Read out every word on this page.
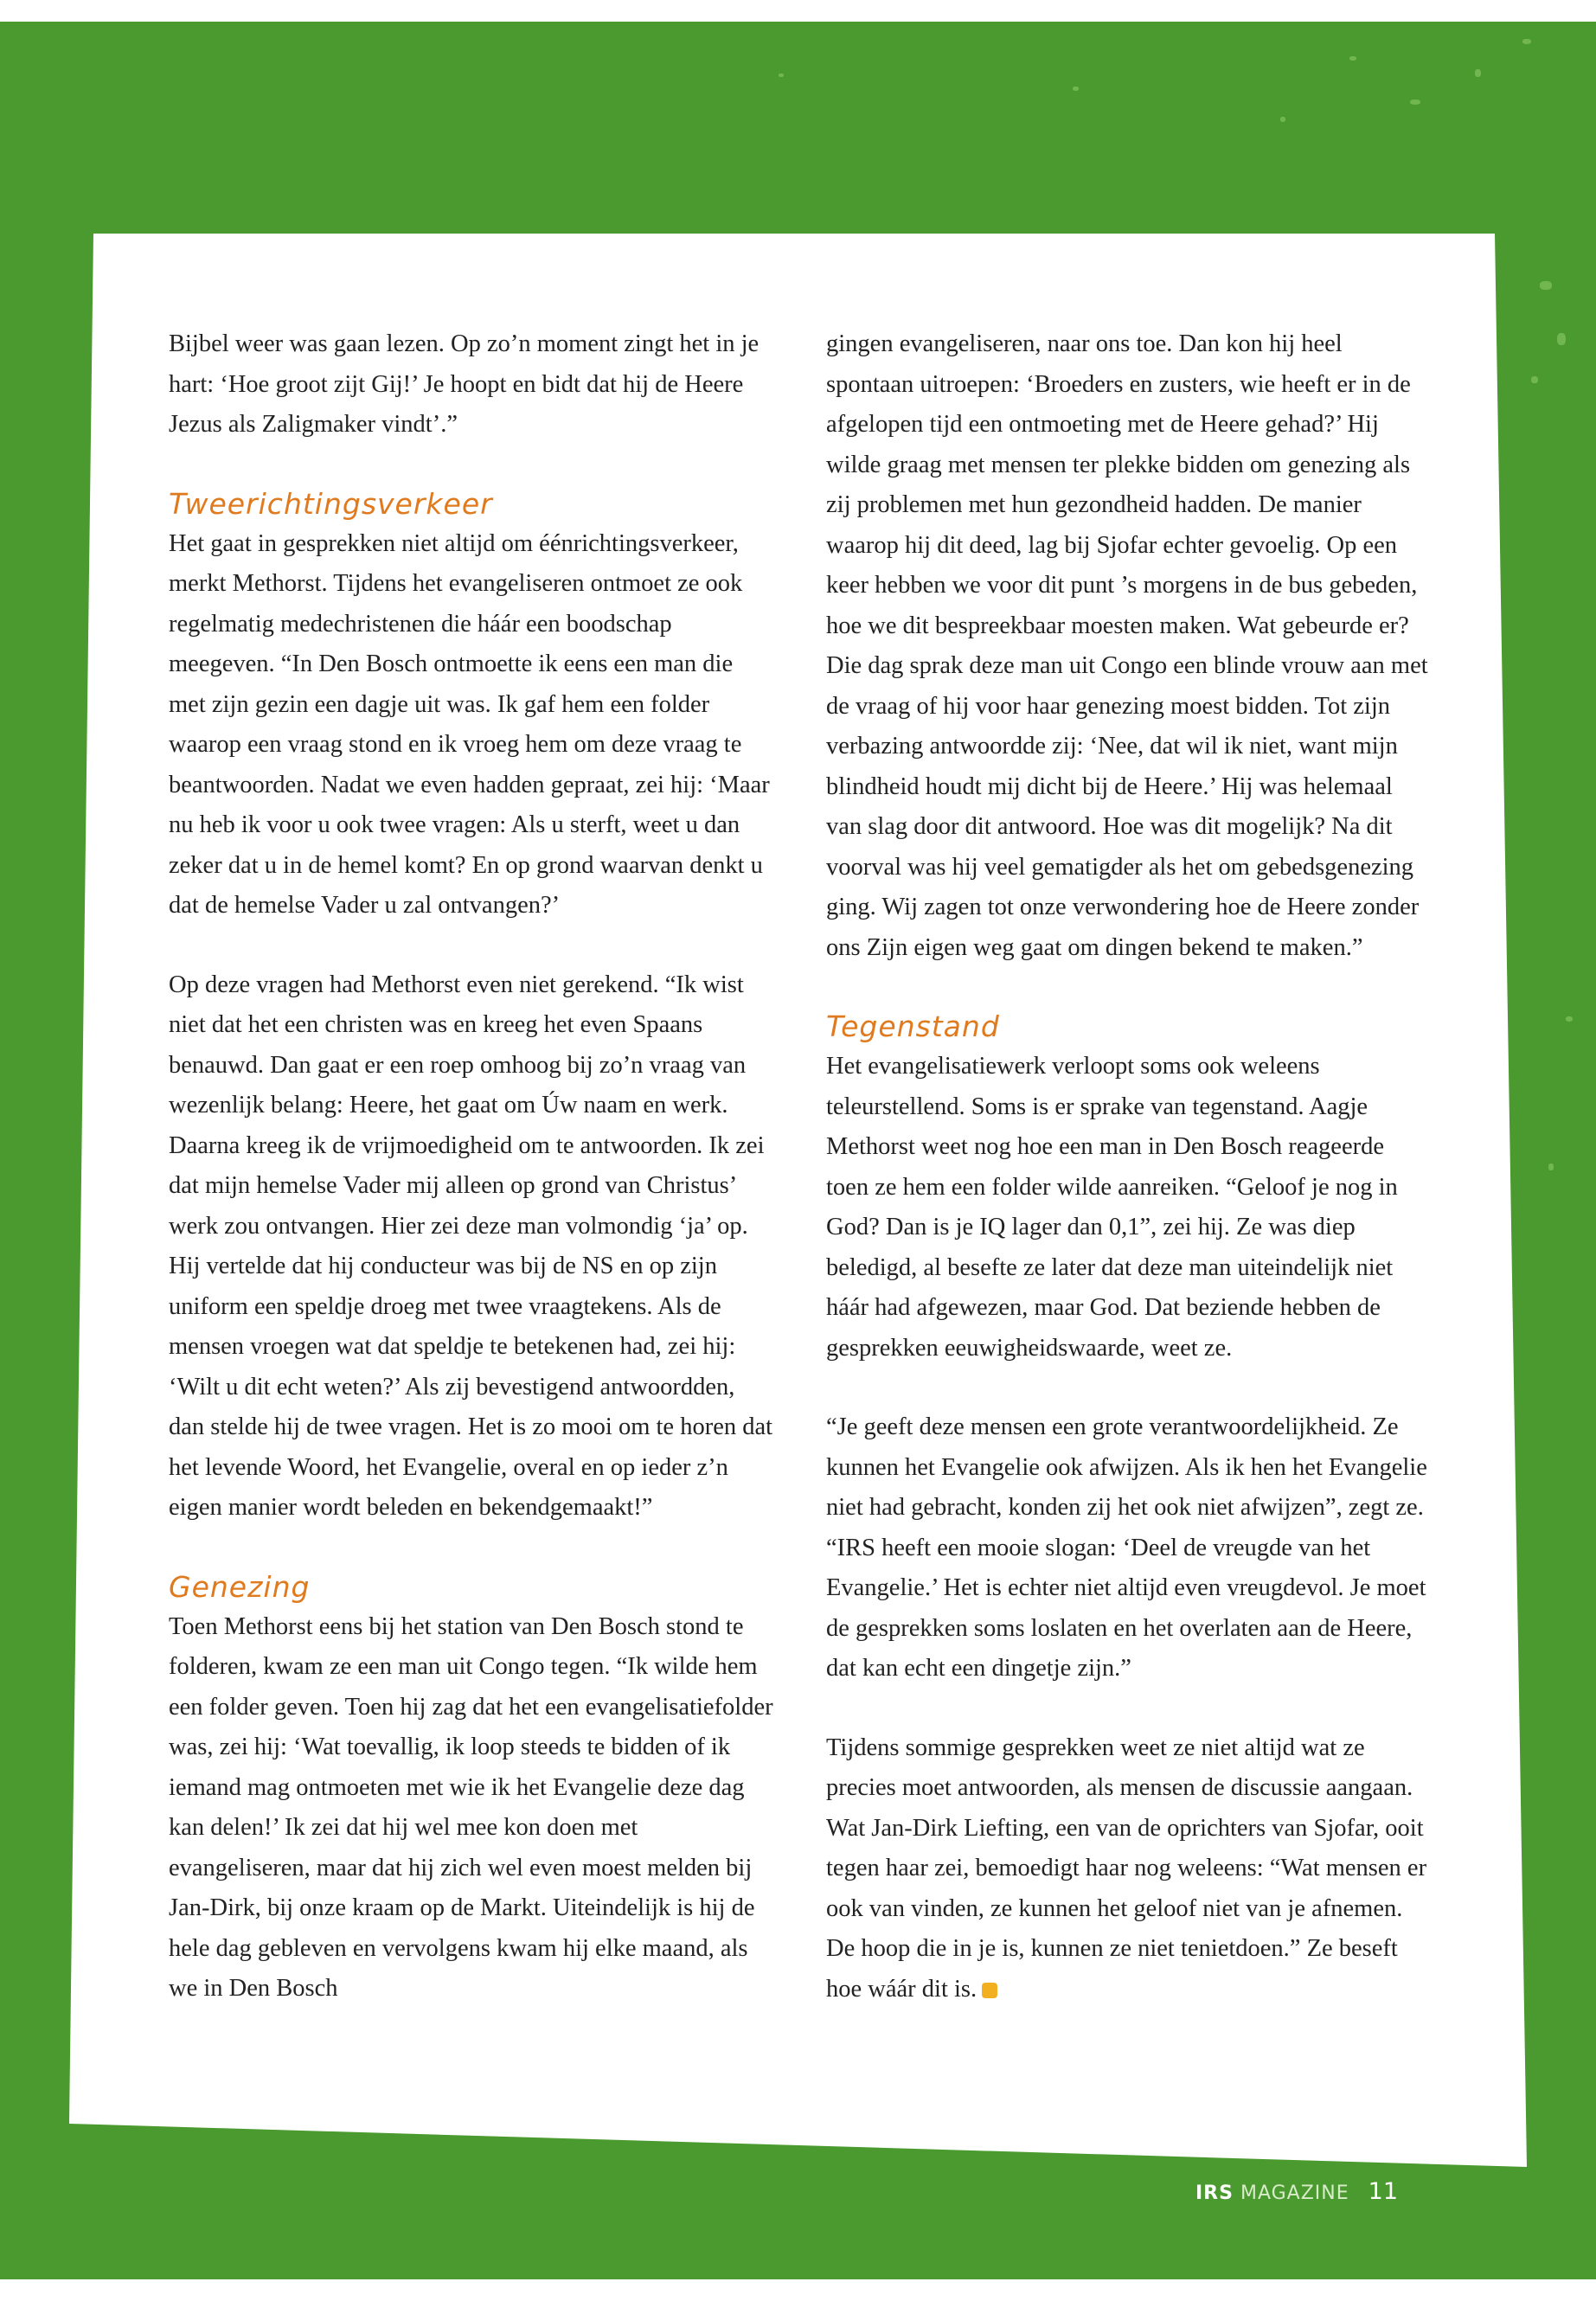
Bijbel weer was gaan lezen. Op zo’n moment zingt het in je hart: ‘Hoe groot zijt Gij!’ Je hoopt en bidt dat hij de Heere Jezus als Zaligmaker vindt’.”

Tweerichtingsverkeer

Het gaat in gesprekken niet altijd om éénrichtingsverkeer, merkt Methorst. Tijdens het evangeliseren ontmoet ze ook regelmatig medechristenen die háár een boodschap meegeven. “In Den Bosch ontmoette ik eens een man die met zijn gezin een dagje uit was. Ik gaf hem een folder waarop een vraag stond en ik vroeg hem om deze vraag te beantwoorden. Nadat we even hadden gepraat, zei hij: ‘Maar nu heb ik voor u ook twee vragen: Als u sterft, weet u dan zeker dat u in de hemel komt? En op grond waarvan denkt u dat de hemelse Vader u zal ontvangen?’

Op deze vragen had Methorst even niet gerekend. “Ik wist niet dat het een christen was en kreeg het even Spaans benauwd. Dan gaat er een roep omhoog bij zo’n vraag van wezenlijk belang: Heere, het gaat om Úw naam en werk. Daarna kreeg ik de vrijmoedigheid om te antwoorden. Ik zei dat mijn hemelse Vader mij alleen op grond van Christus’ werk zou ontvangen. Hier zei deze man volmondig ‘ja’ op. Hij vertelde dat hij conducteur was bij de NS en op zijn uniform een speldje droeg met twee vraagtekens. Als de mensen vroegen wat dat speldje te betekenen had, zei hij: ‘Wilt u dit echt weten?’ Als zij bevestigend antwoordden, dan stelde hij de twee vragen. Het is zo mooi om te horen dat het levende Woord, het Evangelie, overal en op ieder z’n eigen manier wordt beleden en bekendgemaakt!”

Genezing

Toen Methorst eens bij het station van Den Bosch stond te folderen, kwam ze een man uit Congo tegen. “Ik wilde hem een folder geven. Toen hij zag dat het een evangelisatiefolder was, zei hij: ‘Wat toevallig, ik loop steeds te bidden of ik iemand mag ontmoeten met wie ik het Evangelie deze dag kan delen!’ Ik zei dat hij wel mee kon doen met evangeliseren, maar dat hij zich wel even moest melden bij Jan-Dirk, bij onze kraam op de Markt. Uiteindelijk is hij de hele dag gebleven en vervolgens kwam hij elke maand, als we in Den Bosch

gingen evangeliseren, naar ons toe. Dan kon hij heel spontaan uitroepen: ‘Broeders en zusters, wie heeft er in de afgelopen tijd een ontmoeting met de Heere gehad?’ Hij wilde graag met mensen ter plekke bidden om genezing als zij problemen met hun gezondheid hadden. De manier waarop hij dit deed, lag bij Sjofar echter gevoelig. Op een keer hebben we voor dit punt ’s morgens in de bus gebeden, hoe we dit bespreekbaar moesten maken. Wat gebeurde er? Die dag sprak deze man uit Congo een blinde vrouw aan met de vraag of hij voor haar genezing moest bidden. Tot zijn verbazing antwoordde zij: ‘Nee, dat wil ik niet, want mijn blindheid houdt mij dicht bij de Heere.’ Hij was helemaal van slag door dit antwoord. Hoe was dit mogelijk? Na dit voorval was hij veel gematigder als het om gebedsgenezing ging. Wij zagen tot onze verwondering hoe de Heere zonder ons Zijn eigen weg gaat om dingen bekend te maken.”

Tegenstand

Het evangelisatiewerk verloopt soms ook weleens teleurstellend. Soms is er sprake van tegenstand. Aagje Methorst weet nog hoe een man in Den Bosch reageerde toen ze hem een folder wilde aanreiken. “Geloof je nog in God? Dan is je IQ lager dan 0,1”, zei hij. Ze was diep beledigd, al besefte ze later dat deze man uiteindelijk niet háár had afgewezen, maar God. Dat beziende hebben de gesprekken eeuwigheidswaarde, weet ze.

“Je geeft deze mensen een grote verantwoordelijkheid. Ze kunnen het Evangelie ook afwijzen. Als ik hen het Evangelie niet had gebracht, konden zij het ook niet afwijzen”, zegt ze. “IRS heeft een mooie slogan: ‘Deel de vreugde van het Evangelie.’ Het is echter niet altijd even vreugdevol. Je moet de gesprekken soms loslaten en het overlaten aan de Heere, dat kan echt een dingetje zijn.”

Tijdens sommige gesprekken weet ze niet altijd wat ze precies moet antwoorden, als mensen de discussie aangaan. Wat Jan-Dirk Liefting, een van de oprichters van Sjofar, ooit tegen haar zei, bemoedigt haar nog weleens: “Wat mensen er ook van vinden, ze kunnen het geloof niet van je afnemen. De hoop die in je is, kunnen ze niet tenietdoen.” Ze beseft hoe wáár dit is.

IRS MAGAZINE 11
